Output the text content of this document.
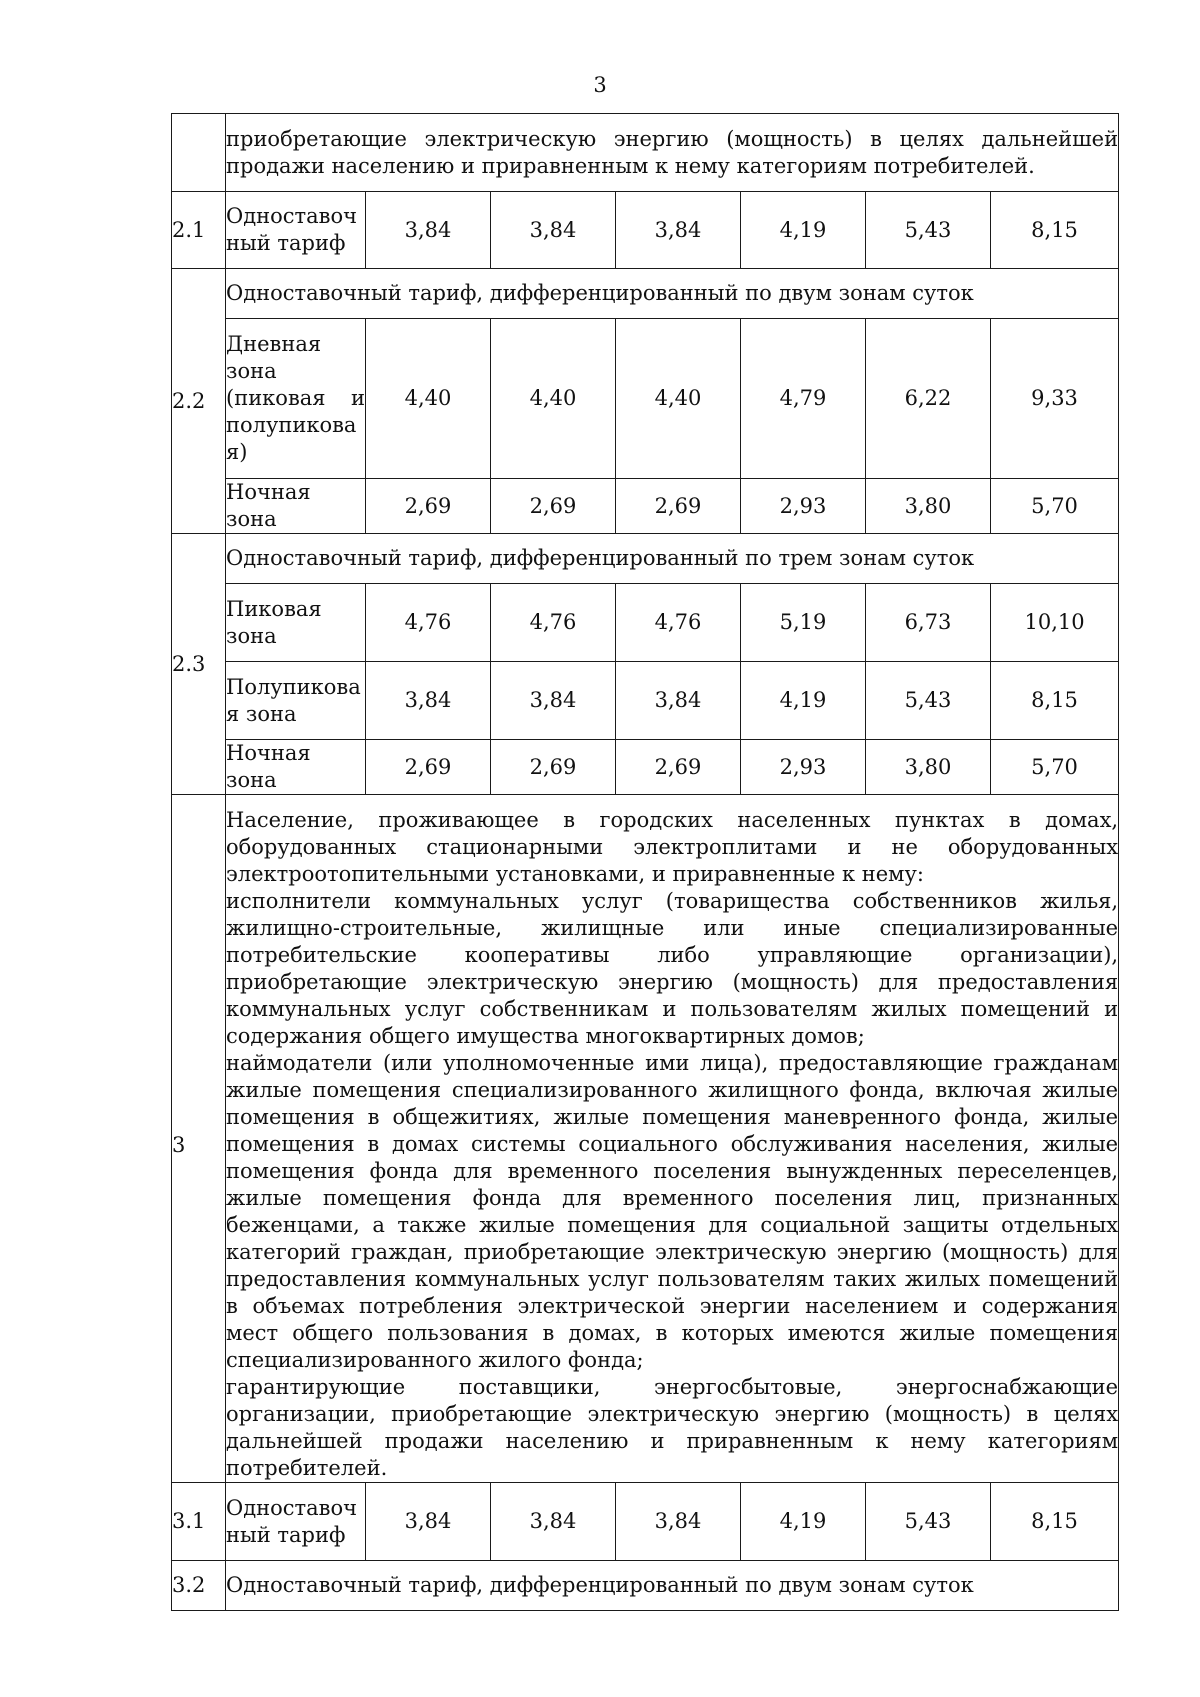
3
	приобретающие электрическую энергию (мощность) в целях дальнейшей продажи населению и приравненным к нему категориям потребителей.						
2.1	Одноставоч ный тариф	3,84	3,84	3,84	4,19	5,43	8,15
2.2	Одноставочный тариф, дифференцированный по двум зонам суток						
	Дневная зона (пиковая и полупикова я)	4,40	4,40	4,40	4,79	6,22	9,33
	Ночная зона	2,69	2,69	2,69	2,93	3,80	5,70
2.3	Одноставочный тариф, дифференцированный по трем зонам суток						
	Пиковая зона	4,76	4,76	4,76	5,19	6,73	10,10
	Полупикова я зона	3,84	3,84	3,84	4,19	5,43	8,15
	Ночная зона	2,69	2,69	2,69	2,93	3,80	5,70
3	Население, проживающее в городских населенных пунктах в домах, оборудованных стационарными электроплитами и не оборудованных электроотопительными установками, и приравненные к нему:
исполнители коммунальных услуг (товарищества собственников жилья, жилищно-строительные, жилищные или иные специализированные потребительские кооперативы либо управляющие организации), приобретающие электрическую энергию (мощность) для предоставления коммунальных услуг собственникам и пользователям жилых помещений и содержания общего имущества многоквартирных домов;
наймодатели (или уполномоченные ими лица), предоставляющие гражданам жилые помещения специализированного жилищного фонда, включая жилые помещения в общежитиях, жилые помещения маневренного фонда, жилые помещения в домах системы социального обслуживания населения, жилые помещения фонда для временного поселения вынужденных переселенцев, жилые помещения фонда для временного поселения лиц, признанных беженцами, а также жилые помещения для социальной защиты отдельных категорий граждан, приобретающие электрическую энергию (мощность) для предоставления коммунальных услуг пользователям таких жилых помещений в объемах потребления электрической энергии населением и содержания мест общего пользования в домах, в которых имеются жилые помещения специализированного жилого фонда;
гарантирующие поставщики, энергосбытовые, энергоснабжающие организации, приобретающие электрическую энергию (мощность) в целях дальнейшей продажи населению и приравненным к нему категориям потребителей.						

3.1	Одноставоч ный тариф	3,84	3,84	3,84	4,19	5,43	8,15
3.2	Одноставочный тариф, дифференцированный по двум зонам суток						
